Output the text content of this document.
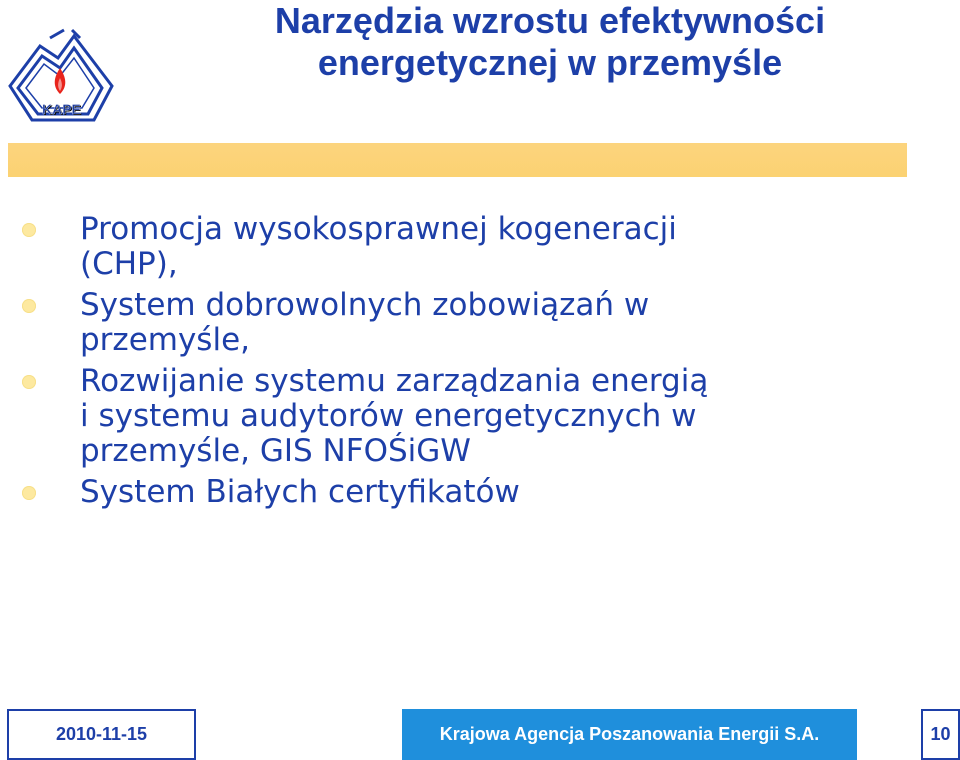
KAPE
Narzędzia wzrostu efektywności
energetycznej w przemyśle
Promocja wysokosprawnej kogeneracji
(CHP),
System dobrowolnych zobowiązań w
przemyśle,
Rozwijanie systemu zarządzania energią
i systemu audytorów energetycznych w
przemyśle, GIS NFOŚiGW
System Białych certyfikatów
2010-11-15	Krajowa Agencja Poszanowania Energii S.A.	10
